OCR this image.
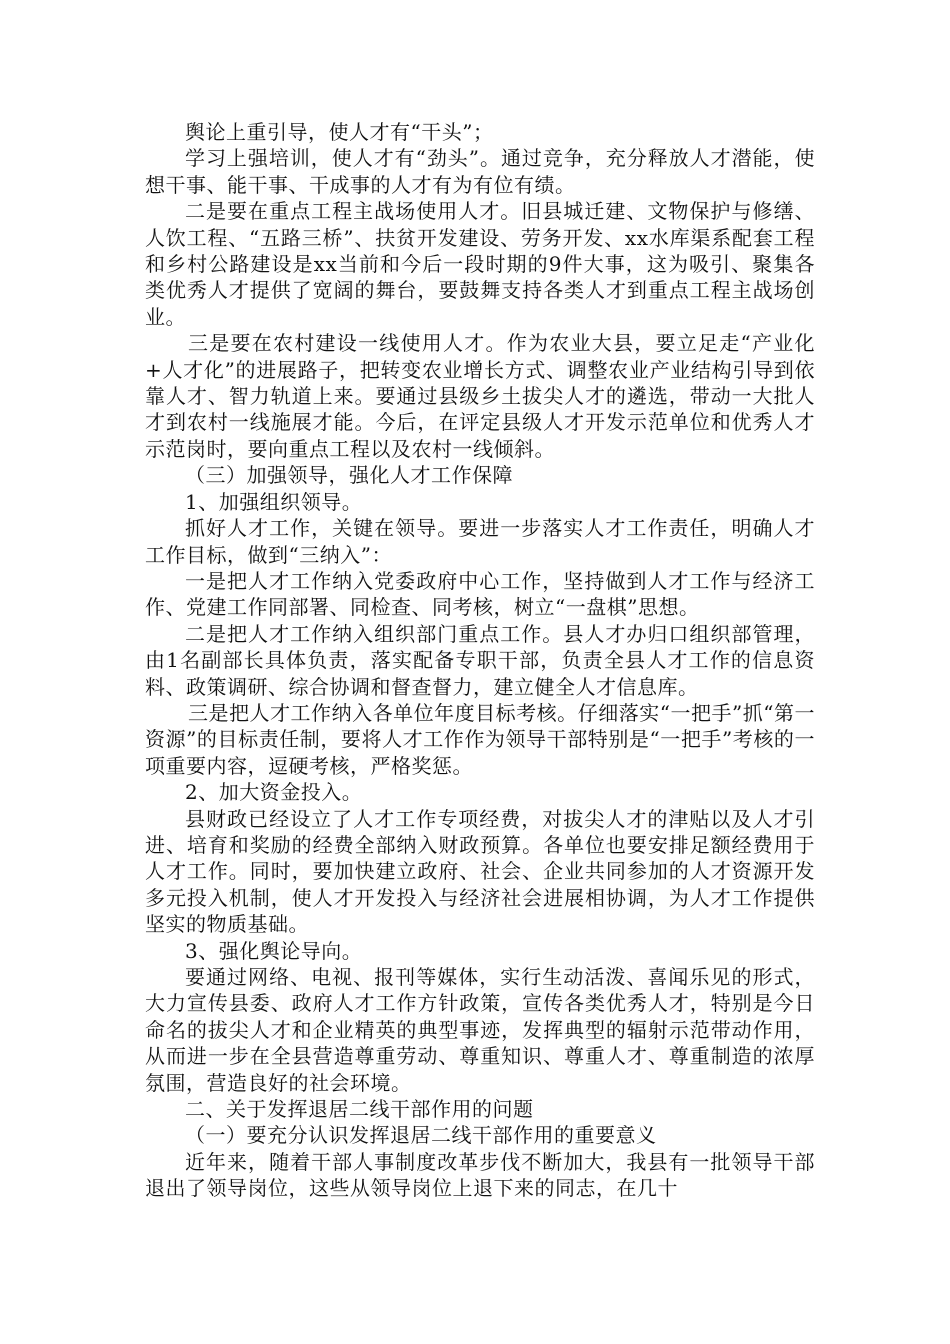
舆论上重引导，使人才有“干头”；

学习上强培训，使人才有“劲头”。通过竞争，充分释放人才潜能，使想干事、能干事、干成事的人才有为有位有绩。

二是要在重点工程主战场使用人才。旧县城迁建、文物保护与修缮、人饮工程、“五路三桥”、扶贫开发建设、劳务开发、xx水库渠系配套工程和乡村公路建设是xx当前和今后一段时期的9件大事，这为吸引、聚集各类优秀人才提供了宽阔的舞台，要鼓舞支持各类人才到重点工程主战场创业。

三是要在农村建设一线使用人才。作为农业大县，要立足走“产业化+人才化”的进展路子，把转变农业增长方式、调整农业产业结构引导到依靠人才、智力轨道上来。要通过县级乡土拔尖人才的遴选，带动一大批人才到农村一线施展才能。今后，在评定县级人才开发示范单位和优秀人才示范岗时，要向重点工程以及农村一线倾斜。

（三）加强领导，强化人才工作保障

1、加强组织领导。

抓好人才工作，关键在领导。要进一步落实人才工作责任，明确人才工作目标，做到“三纳入”：

一是把人才工作纳入党委政府中心工作，坚持做到人才工作与经济工作、党建工作同部署、同检查、同考核，树立“一盘棋”思想。

二是把人才工作纳入组织部门重点工作。县人才办归口组织部管理，由1名副部长具体负责，落实配备专职干部，负责全县人才工作的信息资料、政策调研、综合协调和督查督力，建立健全人才信息库。

三是把人才工作纳入各单位年度目标考核。仔细落实“一把手”抓“第一资源”的目标责任制，要将人才工作作为领导干部特别是“一把手”考核的一项重要内容，逗硬考核，严格奖惩。

2、加大资金投入。

县财政已经设立了人才工作专项经费，对拔尖人才的津贴以及人才引进、培育和奖励的经费全部纳入财政预算。各单位也要安排足额经费用于人才工作。同时，要加快建立政府、社会、企业共同参加的人才资源开发多元投入机制，使人才开发投入与经济社会进展相协调，为人才工作提供坚实的物质基础。

3、强化舆论导向。

要通过网络、电视、报刊等媒体，实行生动活泼、喜闻乐见的形式，大力宣传县委、政府人才工作方针政策，宣传各类优秀人才，特别是今日命名的拔尖人才和企业精英的典型事迹，发挥典型的辐射示范带动作用，从而进一步在全县营造尊重劳动、尊重知识、尊重人才、尊重制造的浓厚氛围，营造良好的社会环境。

二、关于发挥退居二线干部作用的问题

（一）要充分认识发挥退居二线干部作用的重要意义

近年来，随着干部人事制度改革步伐不断加大，我县有一批领导干部退出了领导岗位，这些从领导岗位上退下来的同志，在几十
